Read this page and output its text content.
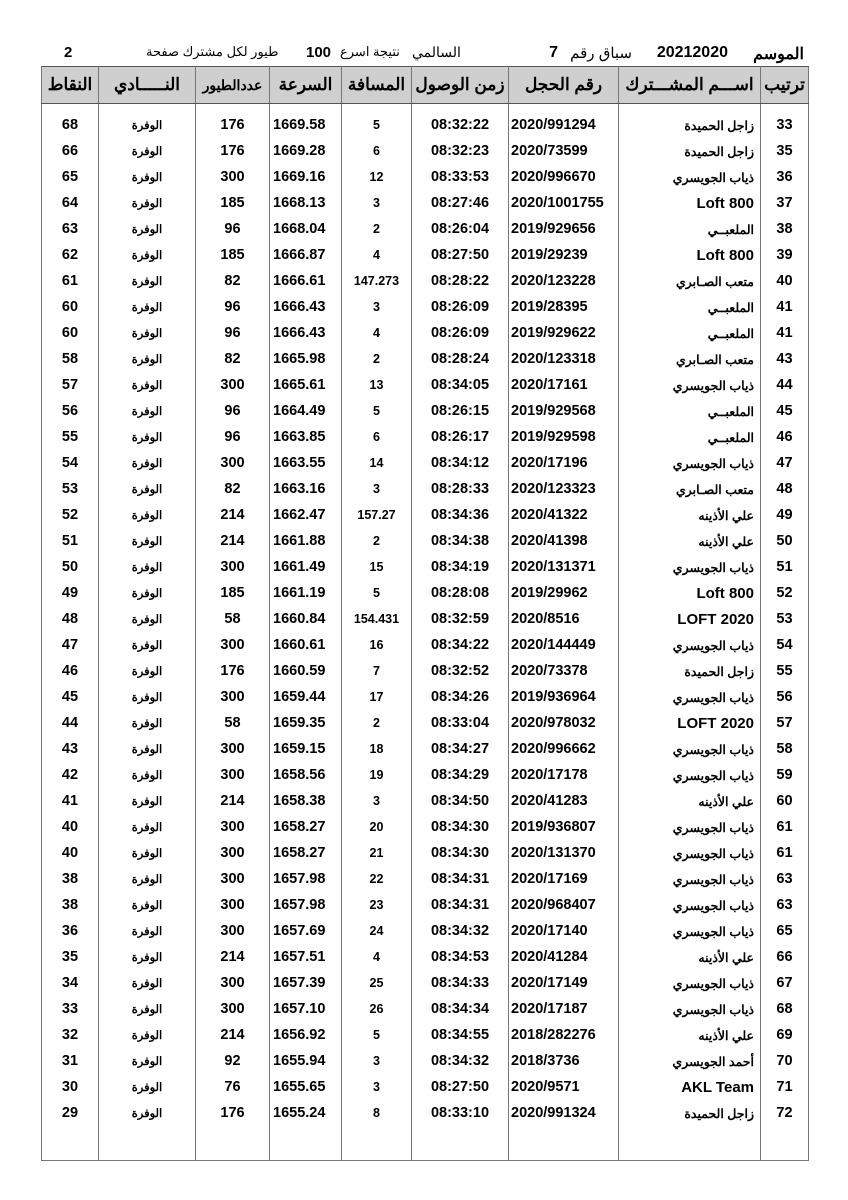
الموسم
20212020
سباق رقم
7
السالمي
نتيجة اسرع
100
طيور لكل مشترك صفحة
2
ترتيب	اســـم المشـــترك	رقم الحجل	زمن الوصول	المسافة	السرعة	عددالطيور	النـــــادي	النقاط
33	زاجل الحميدة	2020/991294	08:32:22	5	1669.58	176	الوفرة	68
35	زاجل الحميدة	2020/73599	08:32:23	6	1669.28	176	الوفرة	66
36	ذياب الجويسري	2020/996670	08:33:53	12	1669.16	300	الوفرة	65
37	Loft 800	2020/1001755	08:27:46	3	1668.13	185	الوفرة	64
38	الملعبــي	2019/929656	08:26:04	2	1668.04	96	الوفرة	63
39	Loft 800	2019/29239	08:27:50	4	1666.87	185	الوفرة	62
40	متعب الصـابري	2020/123228	08:28:22	147.273	1666.61	82	الوفرة	61
41	الملعبــي	2019/28395	08:26:09	3	1666.43	96	الوفرة	60
41	الملعبــي	2019/929622	08:26:09	4	1666.43	96	الوفرة	60
43	متعب الصـابري	2020/123318	08:28:24	2	1665.98	82	الوفرة	58
44	ذياب الجويسري	2020/17161	08:34:05	13	1665.61	300	الوفرة	57
45	الملعبــي	2019/929568	08:26:15	5	1664.49	96	الوفرة	56
46	الملعبــي	2019/929598	08:26:17	6	1663.85	96	الوفرة	55
47	ذياب الجويسري	2020/17196	08:34:12	14	1663.55	300	الوفرة	54
48	متعب الصـابري	2020/123323	08:28:33	3	1663.16	82	الوفرة	53
49	علي الأذينه	2020/41322	08:34:36	157.27	1662.47	214	الوفرة	52
50	علي الأذينه	2020/41398	08:34:38	2	1661.88	214	الوفرة	51
51	ذياب الجويسري	2020/131371	08:34:19	15	1661.49	300	الوفرة	50
52	Loft 800	2019/29962	08:28:08	5	1661.19	185	الوفرة	49
53	LOFT 2020	2020/8516	08:32:59	154.431	1660.84	58	الوفرة	48
54	ذياب الجويسري	2020/144449	08:34:22	16	1660.61	300	الوفرة	47
55	زاجل الحميدة	2020/73378	08:32:52	7	1660.59	176	الوفرة	46
56	ذياب الجويسري	2019/936964	08:34:26	17	1659.44	300	الوفرة	45
57	LOFT 2020	2020/978032	08:33:04	2	1659.35	58	الوفرة	44
58	ذياب الجويسري	2020/996662	08:34:27	18	1659.15	300	الوفرة	43
59	ذياب الجويسري	2020/17178	08:34:29	19	1658.56	300	الوفرة	42
60	علي الأذينه	2020/41283	08:34:50	3	1658.38	214	الوفرة	41
61	ذياب الجويسري	2019/936807	08:34:30	20	1658.27	300	الوفرة	40
61	ذياب الجويسري	2020/131370	08:34:30	21	1658.27	300	الوفرة	40
63	ذياب الجويسري	2020/17169	08:34:31	22	1657.98	300	الوفرة	38
63	ذياب الجويسري	2020/968407	08:34:31	23	1657.98	300	الوفرة	38
65	ذياب الجويسري	2020/17140	08:34:32	24	1657.69	300	الوفرة	36
66	علي الأذينه	2020/41284	08:34:53	4	1657.51	214	الوفرة	35
67	ذياب الجويسري	2020/17149	08:34:33	25	1657.39	300	الوفرة	34
68	ذياب الجويسري	2020/17187	08:34:34	26	1657.10	300	الوفرة	33
69	علي الأذينه	2018/282276	08:34:55	5	1656.92	214	الوفرة	32
70	أحمد الجويسري	2018/3736	08:34:32	3	1655.94	92	الوفرة	31
71	AKL Team	2020/9571	08:27:50	3	1655.65	76	الوفرة	30
72	زاجل الحميدة	2020/991324	08:33:10	8	1655.24	176	الوفرة	29
